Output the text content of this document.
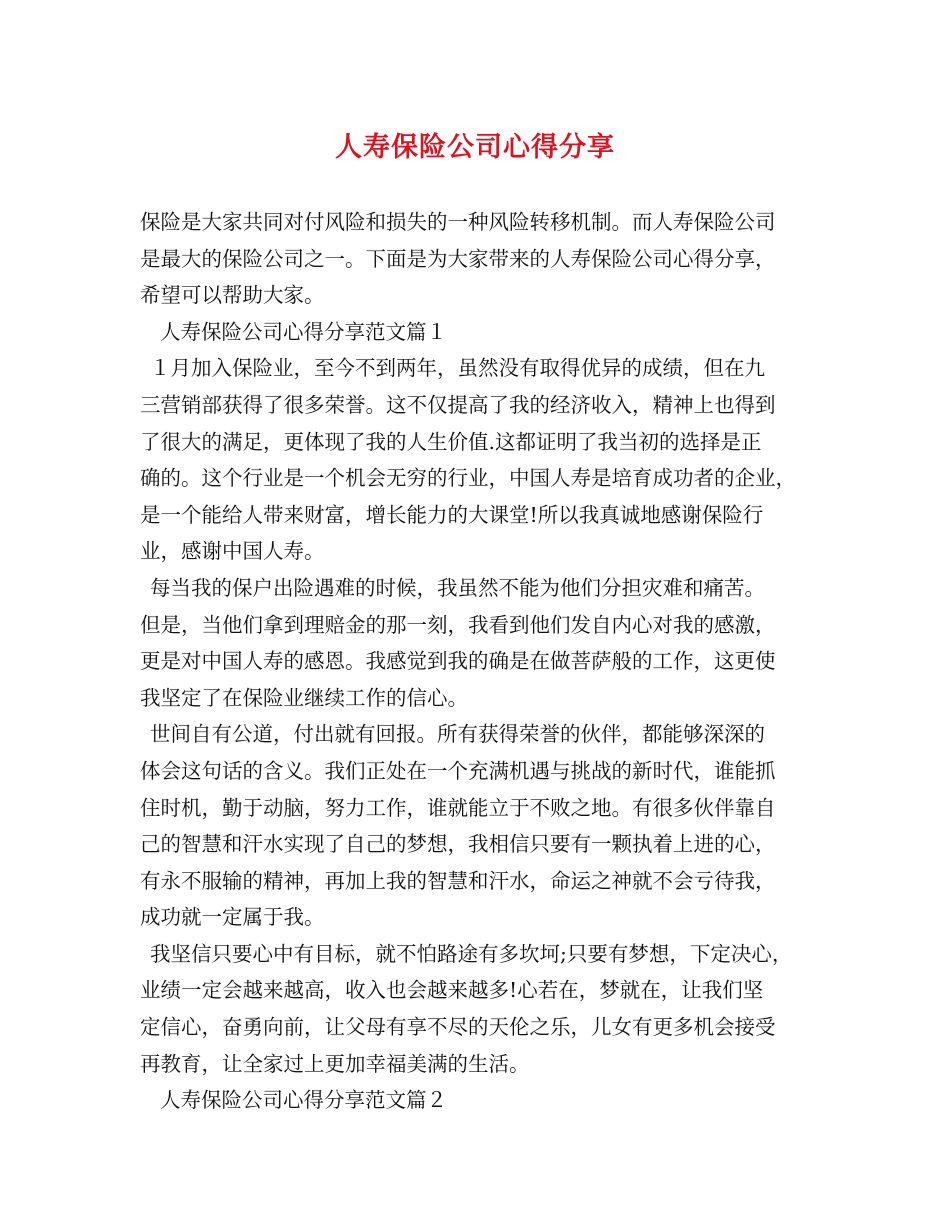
人寿保险公司心得分享
保险是大家共同对付风险和损失的一种风险转移机制。而人寿保险公司
是最大的保险公司之一。下面是为大家带来的人寿保险公司心得分享，
希望可以帮助大家。
人寿保险公司心得分享范文篇１
１月加入保险业，至今不到两年，虽然没有取得优异的成绩，但在九
三营销部获得了很多荣誉。这不仅提高了我的经济收入，精神上也得到
了很大的满足，更体现了我的人生价值.这都证明了我当初的选择是正
确的。这个行业是一个机会无穷的行业，中国人寿是培育成功者的企业，
是一个能给人带来财富，增长能力的大课堂!所以我真诚地感谢保险行
业，感谢中国人寿。
每当我的保户出险遇难的时候，我虽然不能为他们分担灾难和痛苦。
但是，当他们拿到理赔金的那一刻，我看到他们发自内心对我的感激，
更是对中国人寿的感恩。我感觉到我的确是在做菩萨般的工作，这更使
我坚定了在保险业继续工作的信心。
世间自有公道，付出就有回报。所有获得荣誉的伙伴，都能够深深的
体会这句话的含义。我们正处在一个充满机遇与挑战的新时代，谁能抓
住时机，勤于动脑，努力工作，谁就能立于不败之地。有很多伙伴靠自
己的智慧和汗水实现了自己的梦想，我相信只要有一颗执着上进的心，
有永不服输的精神，再加上我的智慧和汗水，命运之神就不会亏待我，
成功就一定属于我。
我坚信只要心中有目标，就不怕路途有多坎坷;只要有梦想，下定决心，
业绩一定会越来越高，收入也会越来越多!心若在，梦就在，让我们坚
定信心，奋勇向前，让父母有享不尽的天伦之乐，儿女有更多机会接受
再教育，让全家过上更加幸福美满的生活。
人寿保险公司心得分享范文篇２
